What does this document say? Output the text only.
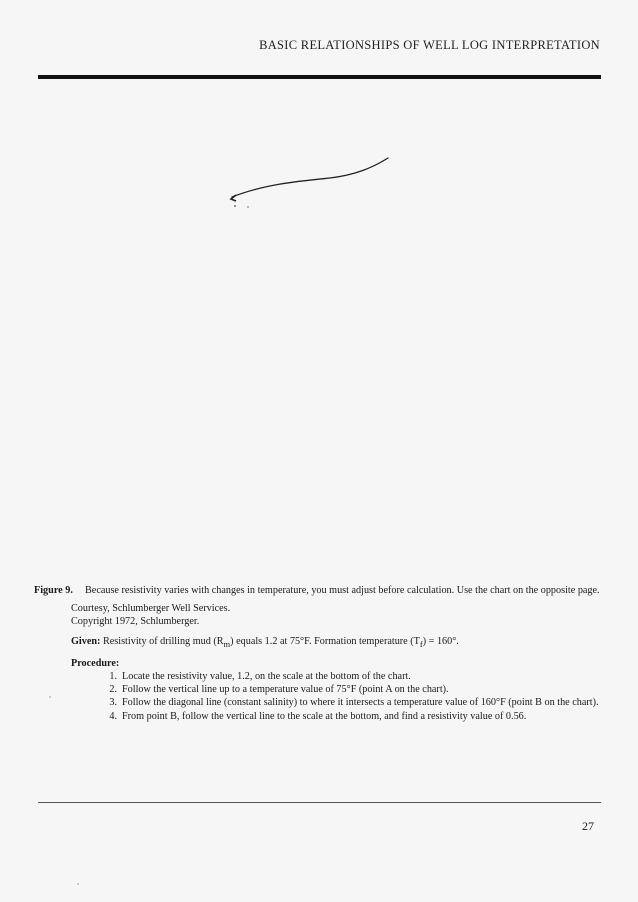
BASIC RELATIONSHIPS OF WELL LOG INTERPRETATION
Figure 9.	Because resistivity varies with changes in temperature, you must adjust before calculation. Use the chart on the opposite page.
Courtesy, Schlumberger Well Services.
Copyright 1972, Schlumberger.
Given: Resistivity of drilling mud $(R_m)$ equals 1.2 at 75°F. Formation temperature $(T_f) = 160^\circ$.
Procedure:
1. Locate the resistivity value, 1.2, on the scale at the bottom of the chart.
2. Follow the vertical line up to a temperature value of 75°F (point A on the chart).
3. Follow the diagonal line (constant salinity) to where it intersects a temperature value of 160°F (point B on the chart).
4. From point B, follow the vertical line to the scale at the bottom, and find a resistivity value of 0.56.
27
